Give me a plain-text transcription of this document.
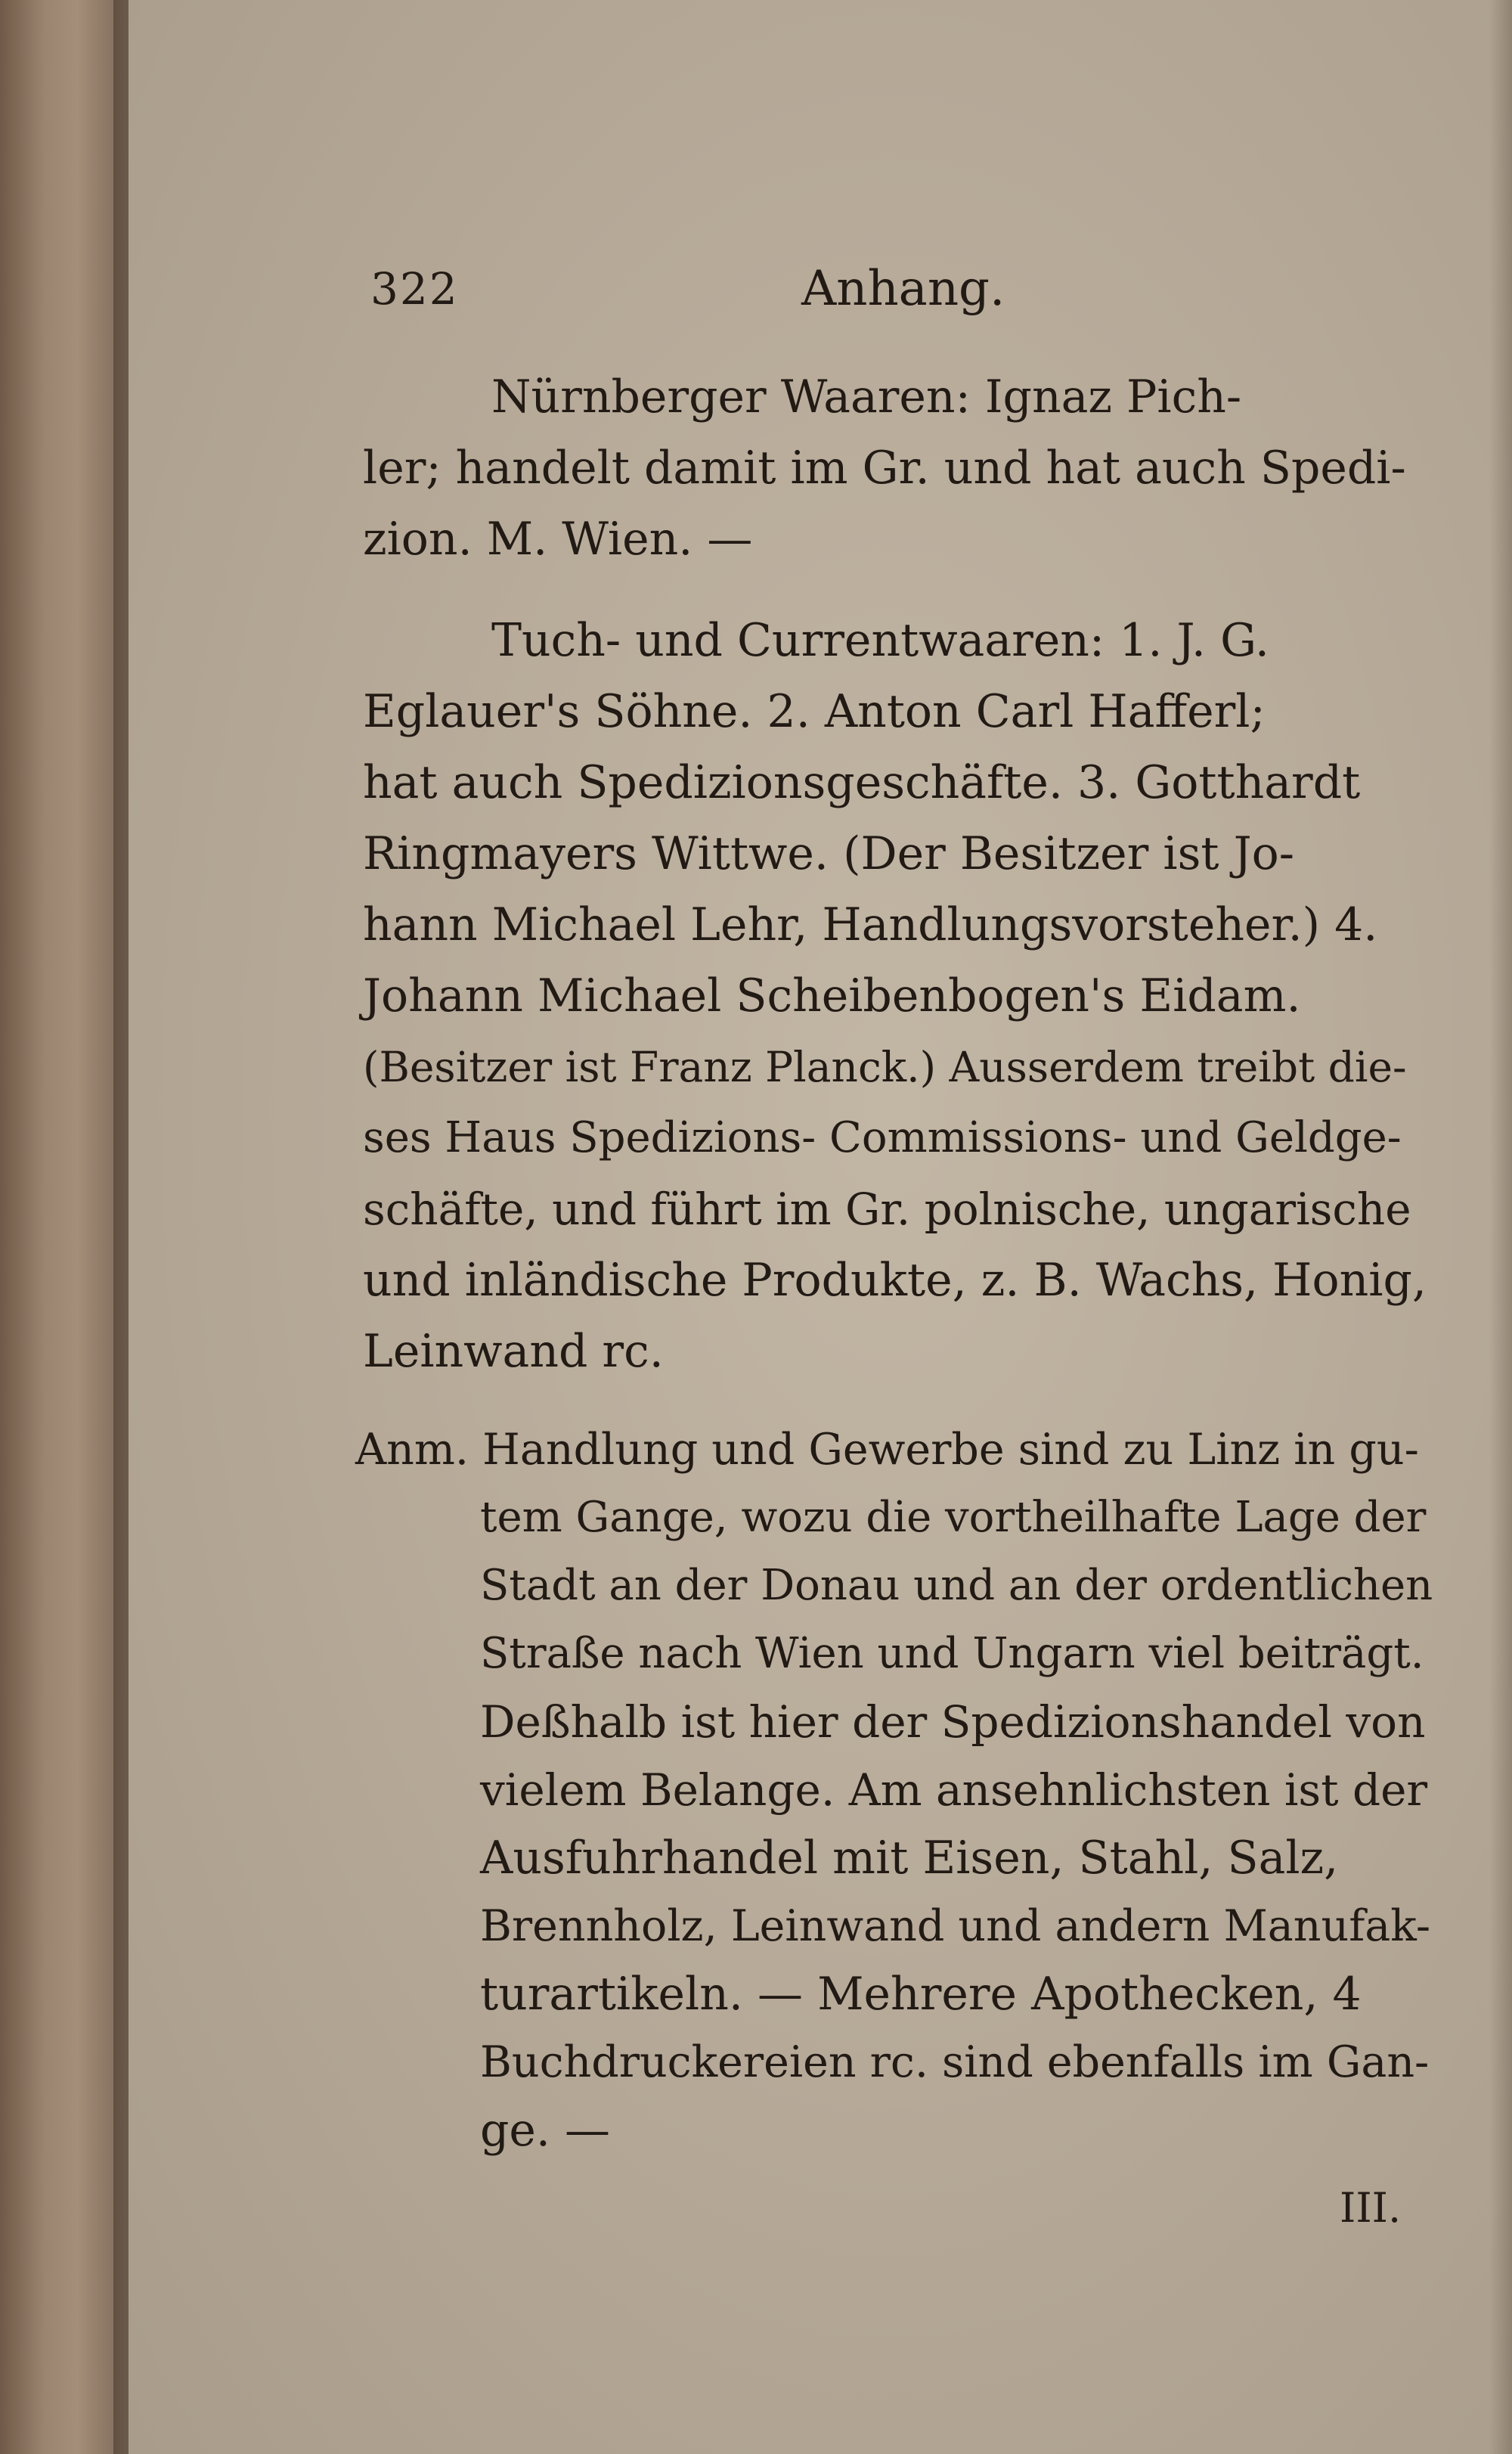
322	Anhang.
Nürnberger Waaren: Ignaz Pich-
ler; handelt damit im Gr. und hat auch Spedi-
zion. M. Wien. —
Tuch- und Currentwaaren: 1. J. G.
Eglauer's Söhne. 2. Anton Carl Hafferl;
hat auch Spedizionsgeschäfte. 3. Gotthardt
Ringmayers Wittwe. (Der Besitzer ist Jo-
hann Michael Lehr, Handlungsvorsteher.) 4.
Johann Michael Scheibenbogen's Eidam.
(Besitzer ist Franz Planck.) Ausserdem treibt die-
ses Haus Spedizions- Commissions- und Geldge-
schäfte, und führt im Gr. polnische, ungarische
und inländische Produkte, z. B. Wachs, Honig,
Leinwand rc.
Anm. Handlung und Gewerbe sind zu Linz in gu-
tem Gange, wozu die vortheilhafte Lage der
Stadt an der Donau und an der ordentlichen
Straße nach Wien und Ungarn viel beiträgt.
Deßhalb ist hier der Spedizionshandel von
vielem Belange. Am ansehnlichsten ist der
Ausfuhrhandel mit Eisen, Stahl, Salz,
Brennholz, Leinwand und andern Manufak-
turartikeln. — Mehrere Apothecken, 4
Buchdruckereien rc. sind ebenfalls im Gan-
ge. —
III.
